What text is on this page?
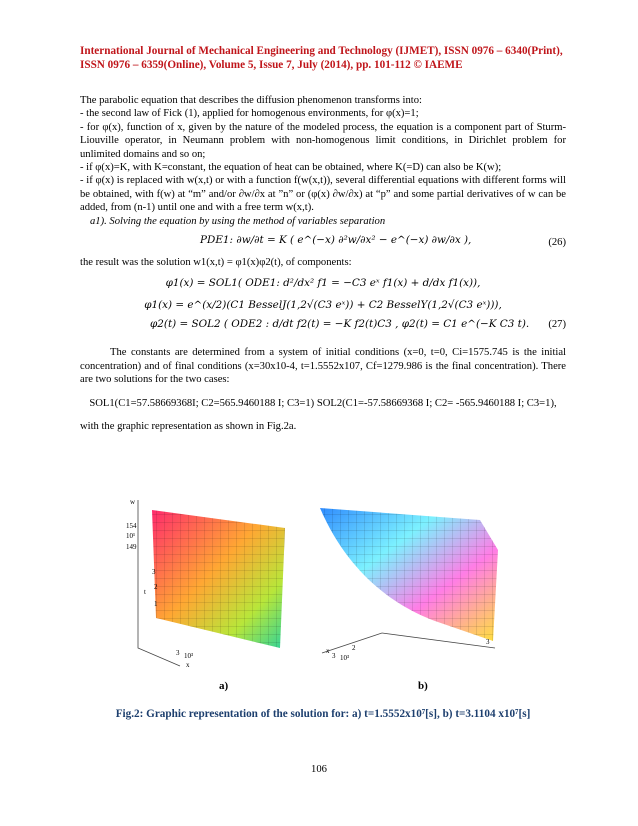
International Journal of Mechanical Engineering and Technology (IJMET), ISSN 0976 – 6340(Print),
ISSN 0976 – 6359(Online), Volume 5, Issue 7, July (2014), pp. 101-112 © IAEME

The parabolic equation that describes the diffusion phenomenon transforms into:

- the second law of Fick (1), applied for homogenous environments, for φ(x)=1;

- for φ(x), function of x, given by the nature of the modeled process, the equation is a component part of Sturm-Liouville operator, in Neumann problem with non-homogenous limit conditions, in Dirichlet problem for unlimited domains and so on;

- if φ(x)=K, with K=constant, the equation of heat can be obtained, where K(=D) can also be K(w);

- if φ(x) is replaced with w(x,t) or with a function f(w(x,t)), several differential equations with different forms will be obtained, with f(w) at “m” and/or ∂w/∂x at ”n” or (φ(x) ∂w/∂x) at “p” and some partial derivatives of w can be added, from (n-1) until one and with a free term w(x,t).

a1). Solving the equation by using the method of variables separation

PDE1: ∂w/∂t = K ( e^(−x) ∂²w/∂x² − e^(−x) ∂w/∂x ),	(26)

the result was the solution w1(x,t) = φ1(x)φ2(t), of components:

φ1(x) = SOL1( ODE1: d²/dx² f1 = −C3 eˣ f1(x) + d/dx f1(x)),
φ1(x) = e^(x/2)(C1 BesselJ(1,2√(C3 eˣ)) + C2 BesselY(1,2√(C3 eˣ))),
φ2(t) = SOL2 ( ODE2 : d/dt f2(t) = −K f2(t)C3 , φ2(t) = C1 e^(−K C3 t). (27)

The constants are determined from a system of initial conditions (x=0, t=0, Ci=1575.745 is the initial concentration) and of final conditions (x=30x10-4, t=1.5552x107, Cf=1279.986 is the final concentration). There are two solutions for the two cases:

SOL1(C1=57.58669368I; C2=565.9460188 I; C3=1) SOL2(C1=-57.58669368 I; C2= -565.9460188 I; C3=1),

with the graphic representation as shown in Fig.2a.

w
154
10¹
149
t
3
2
1
3 10³
x
x
3 10³
2
3
a)	b)
Fig.2: Graphic representation of the solution for: a) t=1.5552x10⁷[s], b) t=3.1104 x10⁷[s]
106
